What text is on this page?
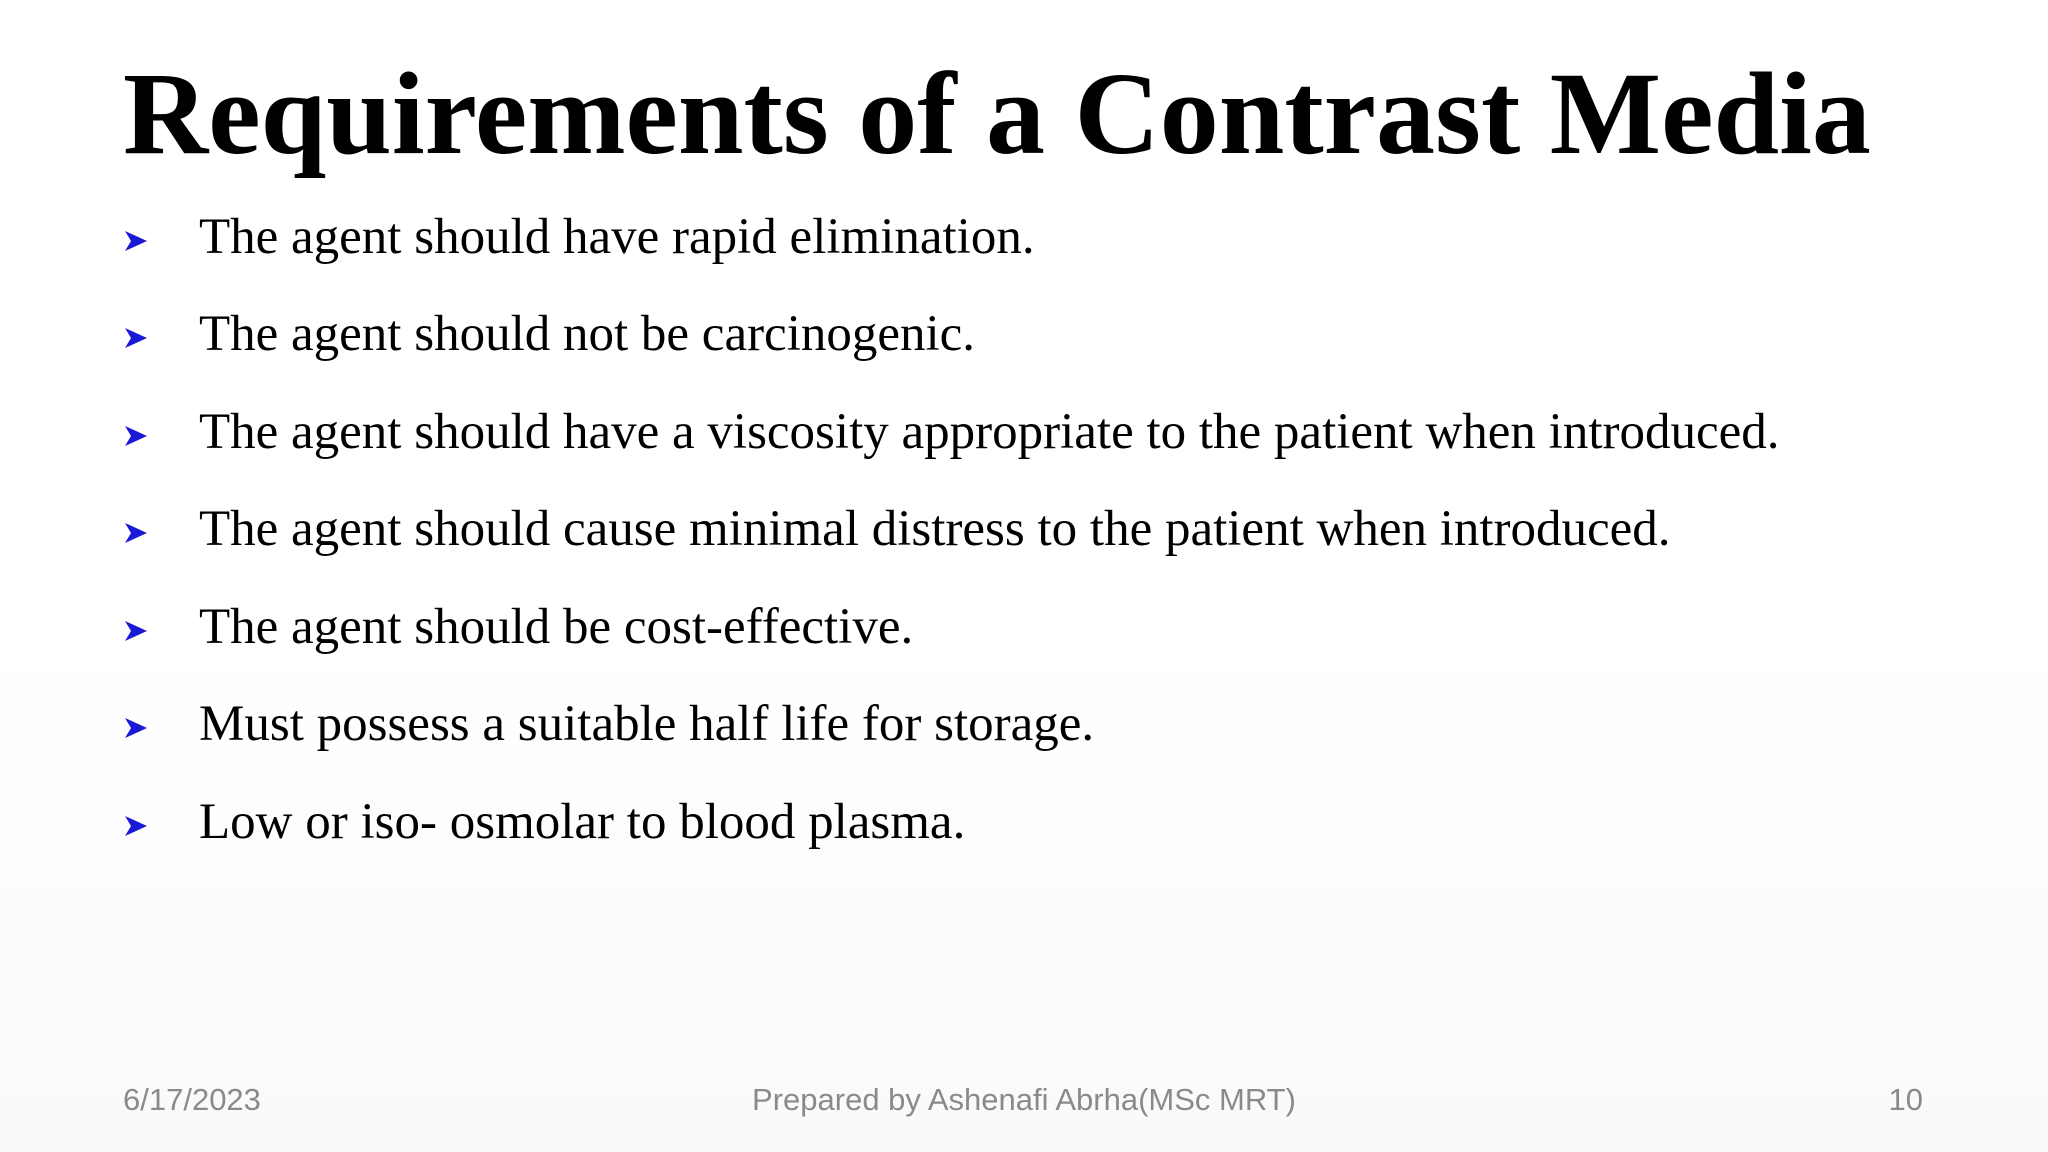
Requirements of a Contrast Media
The agent should have rapid elimination.
The agent should not be carcinogenic.
The agent should have a viscosity appropriate to the patient when introduced.
The agent should cause minimal distress to the patient when introduced.
The agent should be cost-effective.
Must possess a suitable half life for storage.
Low or iso- osmolar to blood plasma.
6/17/2023	Prepared by Ashenafi Abrha(MSc MRT)	10
